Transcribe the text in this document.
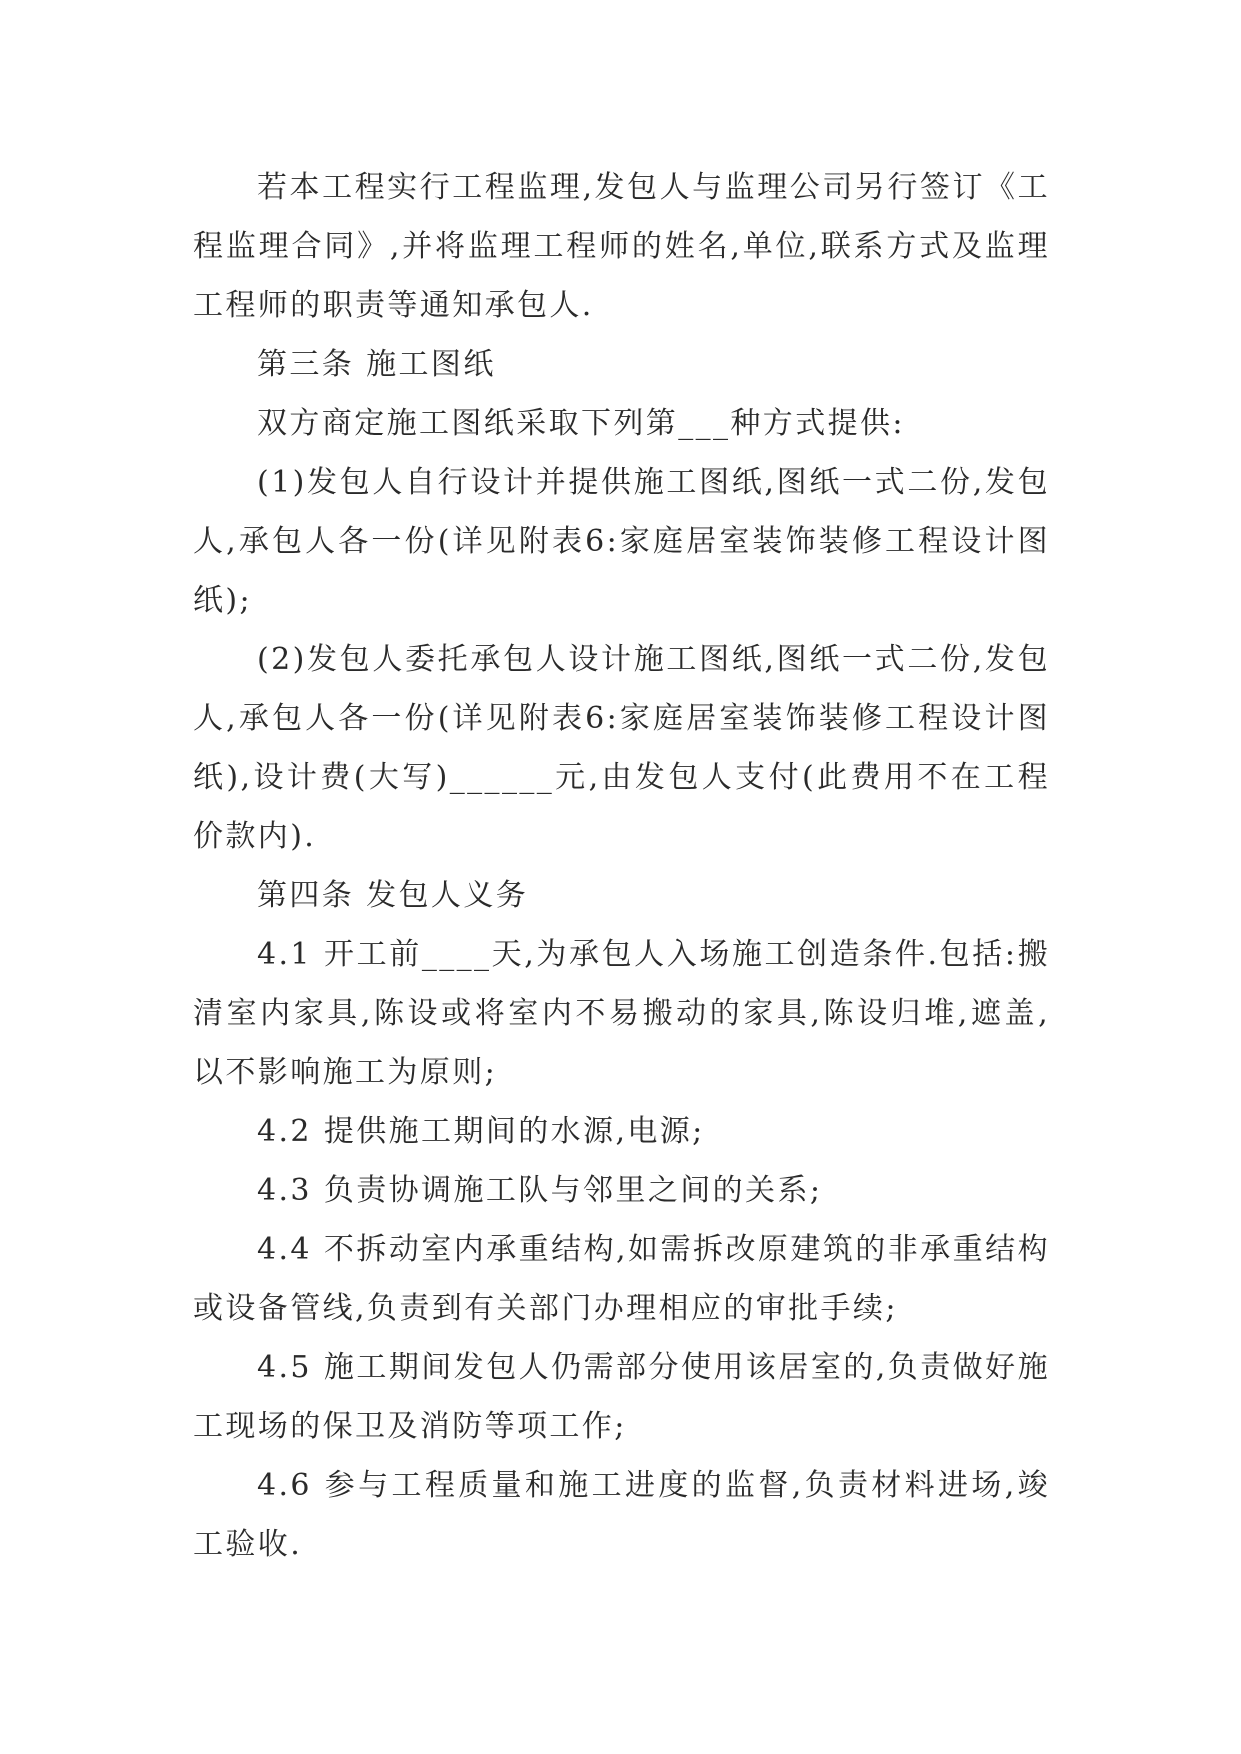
若本工程实行工程监理,发包人与监理公司另行签订《工程监理合同》,并将监理工程师的姓名,单位,联系方式及监理工程师的职责等通知承包人.

第三条 施工图纸

双方商定施工图纸采取下列第___种方式提供:

(1)发包人自行设计并提供施工图纸,图纸一式二份,发包人,承包人各一份(详见附表6:家庭居室装饰装修工程设计图纸);

(2)发包人委托承包人设计施工图纸,图纸一式二份,发包人,承包人各一份(详见附表6:家庭居室装饰装修工程设计图纸),设计费(大写)______元,由发包人支付(此费用不在工程价款内).

第四条 发包人义务

4.1 开工前____天,为承包人入场施工创造条件.包括:搬清室内家具,陈设或将室内不易搬动的家具,陈设归堆,遮盖,以不影响施工为原则;

4.2 提供施工期间的水源,电源;

4.3 负责协调施工队与邻里之间的关系;

4.4 不拆动室内承重结构,如需拆改原建筑的非承重结构或设备管线,负责到有关部门办理相应的审批手续;

4.5 施工期间发包人仍需部分使用该居室的,负责做好施工现场的保卫及消防等项工作;

4.6 参与工程质量和施工进度的监督,负责材料进场,竣工验收.
